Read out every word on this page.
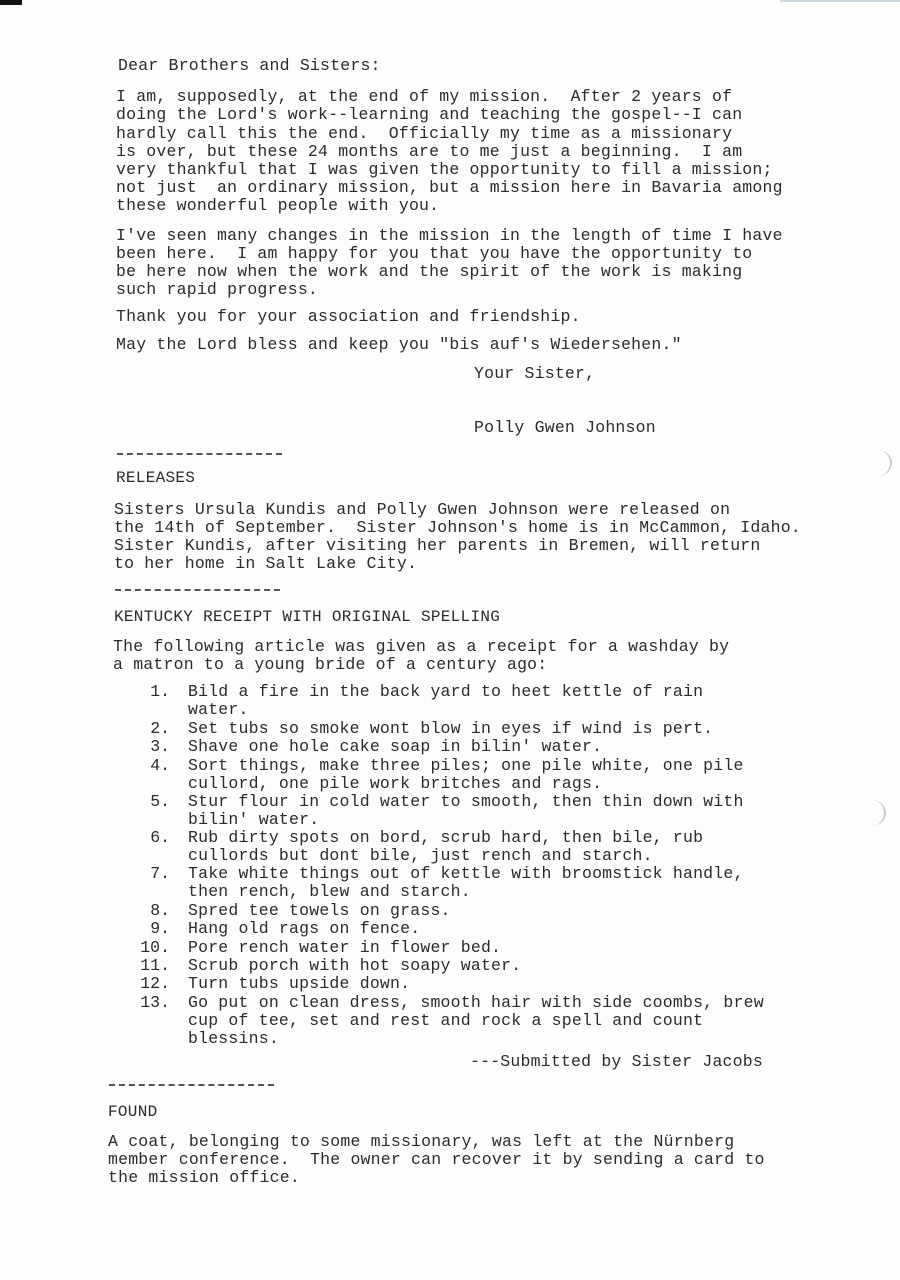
Dear Brothers and Sisters:
I am, supposedly, at the end of my mission.  After 2 years of
doing the Lord's work--learning and teaching the gospel--I can
hardly call this the end.  Officially my time as a missionary
is over, but these 24 months are to me just a beginning.  I am
very thankful that I was given the opportunity to fill a mission;
not just  an ordinary mission, but a mission here in Bavaria among
these wonderful people with you.
I've seen many changes in the mission in the length of time I have
been here.  I am happy for you that you have the opportunity to
be here now when the work and the spirit of the work is making
such rapid progress.
Thank you for your association and friendship.
May the Lord bless and keep you "bis auf's Wiedersehen."
Your Sister,
Polly Gwen Johnson
RELEASES
Sisters Ursula Kundis and Polly Gwen Johnson were released on
the 14th of September.  Sister Johnson's home is in McCammon, Idaho.
Sister Kundis, after visiting her parents in Bremen, will return
to her home in Salt Lake City.
KENTUCKY RECEIPT WITH ORIGINAL SPELLING
The following article was given as a receipt for a washday by
a matron to a young bride of a century ago:
1. Bild a fire in the back yard to heet kettle of rain
water.
2. Set tubs so smoke wont blow in eyes if wind is pert.
3. Shave one hole cake soap in bilin' water.
4. Sort things, make three piles; one pile white, one pile
cullord, one pile work britches and rags.
5. Stur flour in cold water to smooth, then thin down with
bilin' water.
6. Rub dirty spots on bord, scrub hard, then bile, rub
cullords but dont bile, just rench and starch.
7. Take white things out of kettle with broomstick handle,
then rench, blew and starch.
8. Spred tee towels on grass.
9. Hang old rags on fence.
10. Pore rench water in flower bed.
11. Scrub porch with hot soapy water.
12. Turn tubs upside down.
13. Go put on clean dress, smooth hair with side coombs, brew
cup of tee, set and rest and rock a spell and count
blessins.
---Submitted by Sister Jacobs
FOUND
A coat, belonging to some missionary, was left at the Nürnberg
member conference.  The owner can recover it by sending a card to
the mission office.
